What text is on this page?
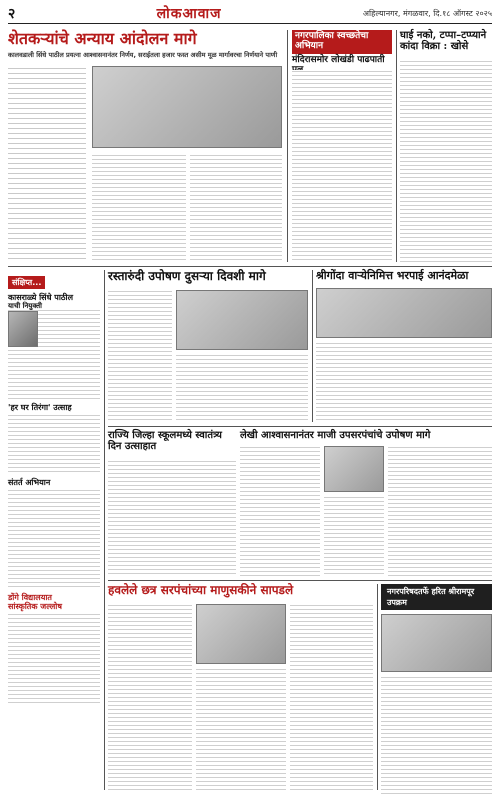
२	लोकआवाज	अहिल्यानगर, मंगळवार, दि.१८ ऑगस्ट २०२५
शेतकऱ्यांचे अन्याय आंदोलन मागे
कालवडाली सिंधे पाठील प्रयत्ना आश्वासनानंतर निर्णय, सराईतला हजार फस्त असीम मूळ मार्गावरचा निर्णयाने पाणी
नगरपालिका स्वच्छतेचा अभियान
मंदिरासमोर लोखंडी पाढपाती
घाई नको, टप्पा–टप्प्याने
कांदा विक्रा : खोसे
संक्षिप्त...
कासराळ्ये सिंधे पाठील
याची नियुक्ती
'हर घर तिरंगा' उत्साह
संतर्त अभियान
डोंगे विद्यालयात
सांस्कृतिक जल्लोष
रस्तारुंदी उपोषण दुसऱ्या दिवशी मागे	श्रीगोंदा वाऱ्येनिमित्त भरपाई आनंदमेळा
राज्यि जिल्हा स्कूलमध्ये स्वातंत्र्य दिन उत्साहात
लेखी आश्वासनानंतर माजी उपसरपंचांचे उपोषण मागे
हवलेले छत्र सरपंचांच्या माणुसकीने सापडले	नगरपरिषदतर्फे हरित श्रीरामपूर उपक्रम
